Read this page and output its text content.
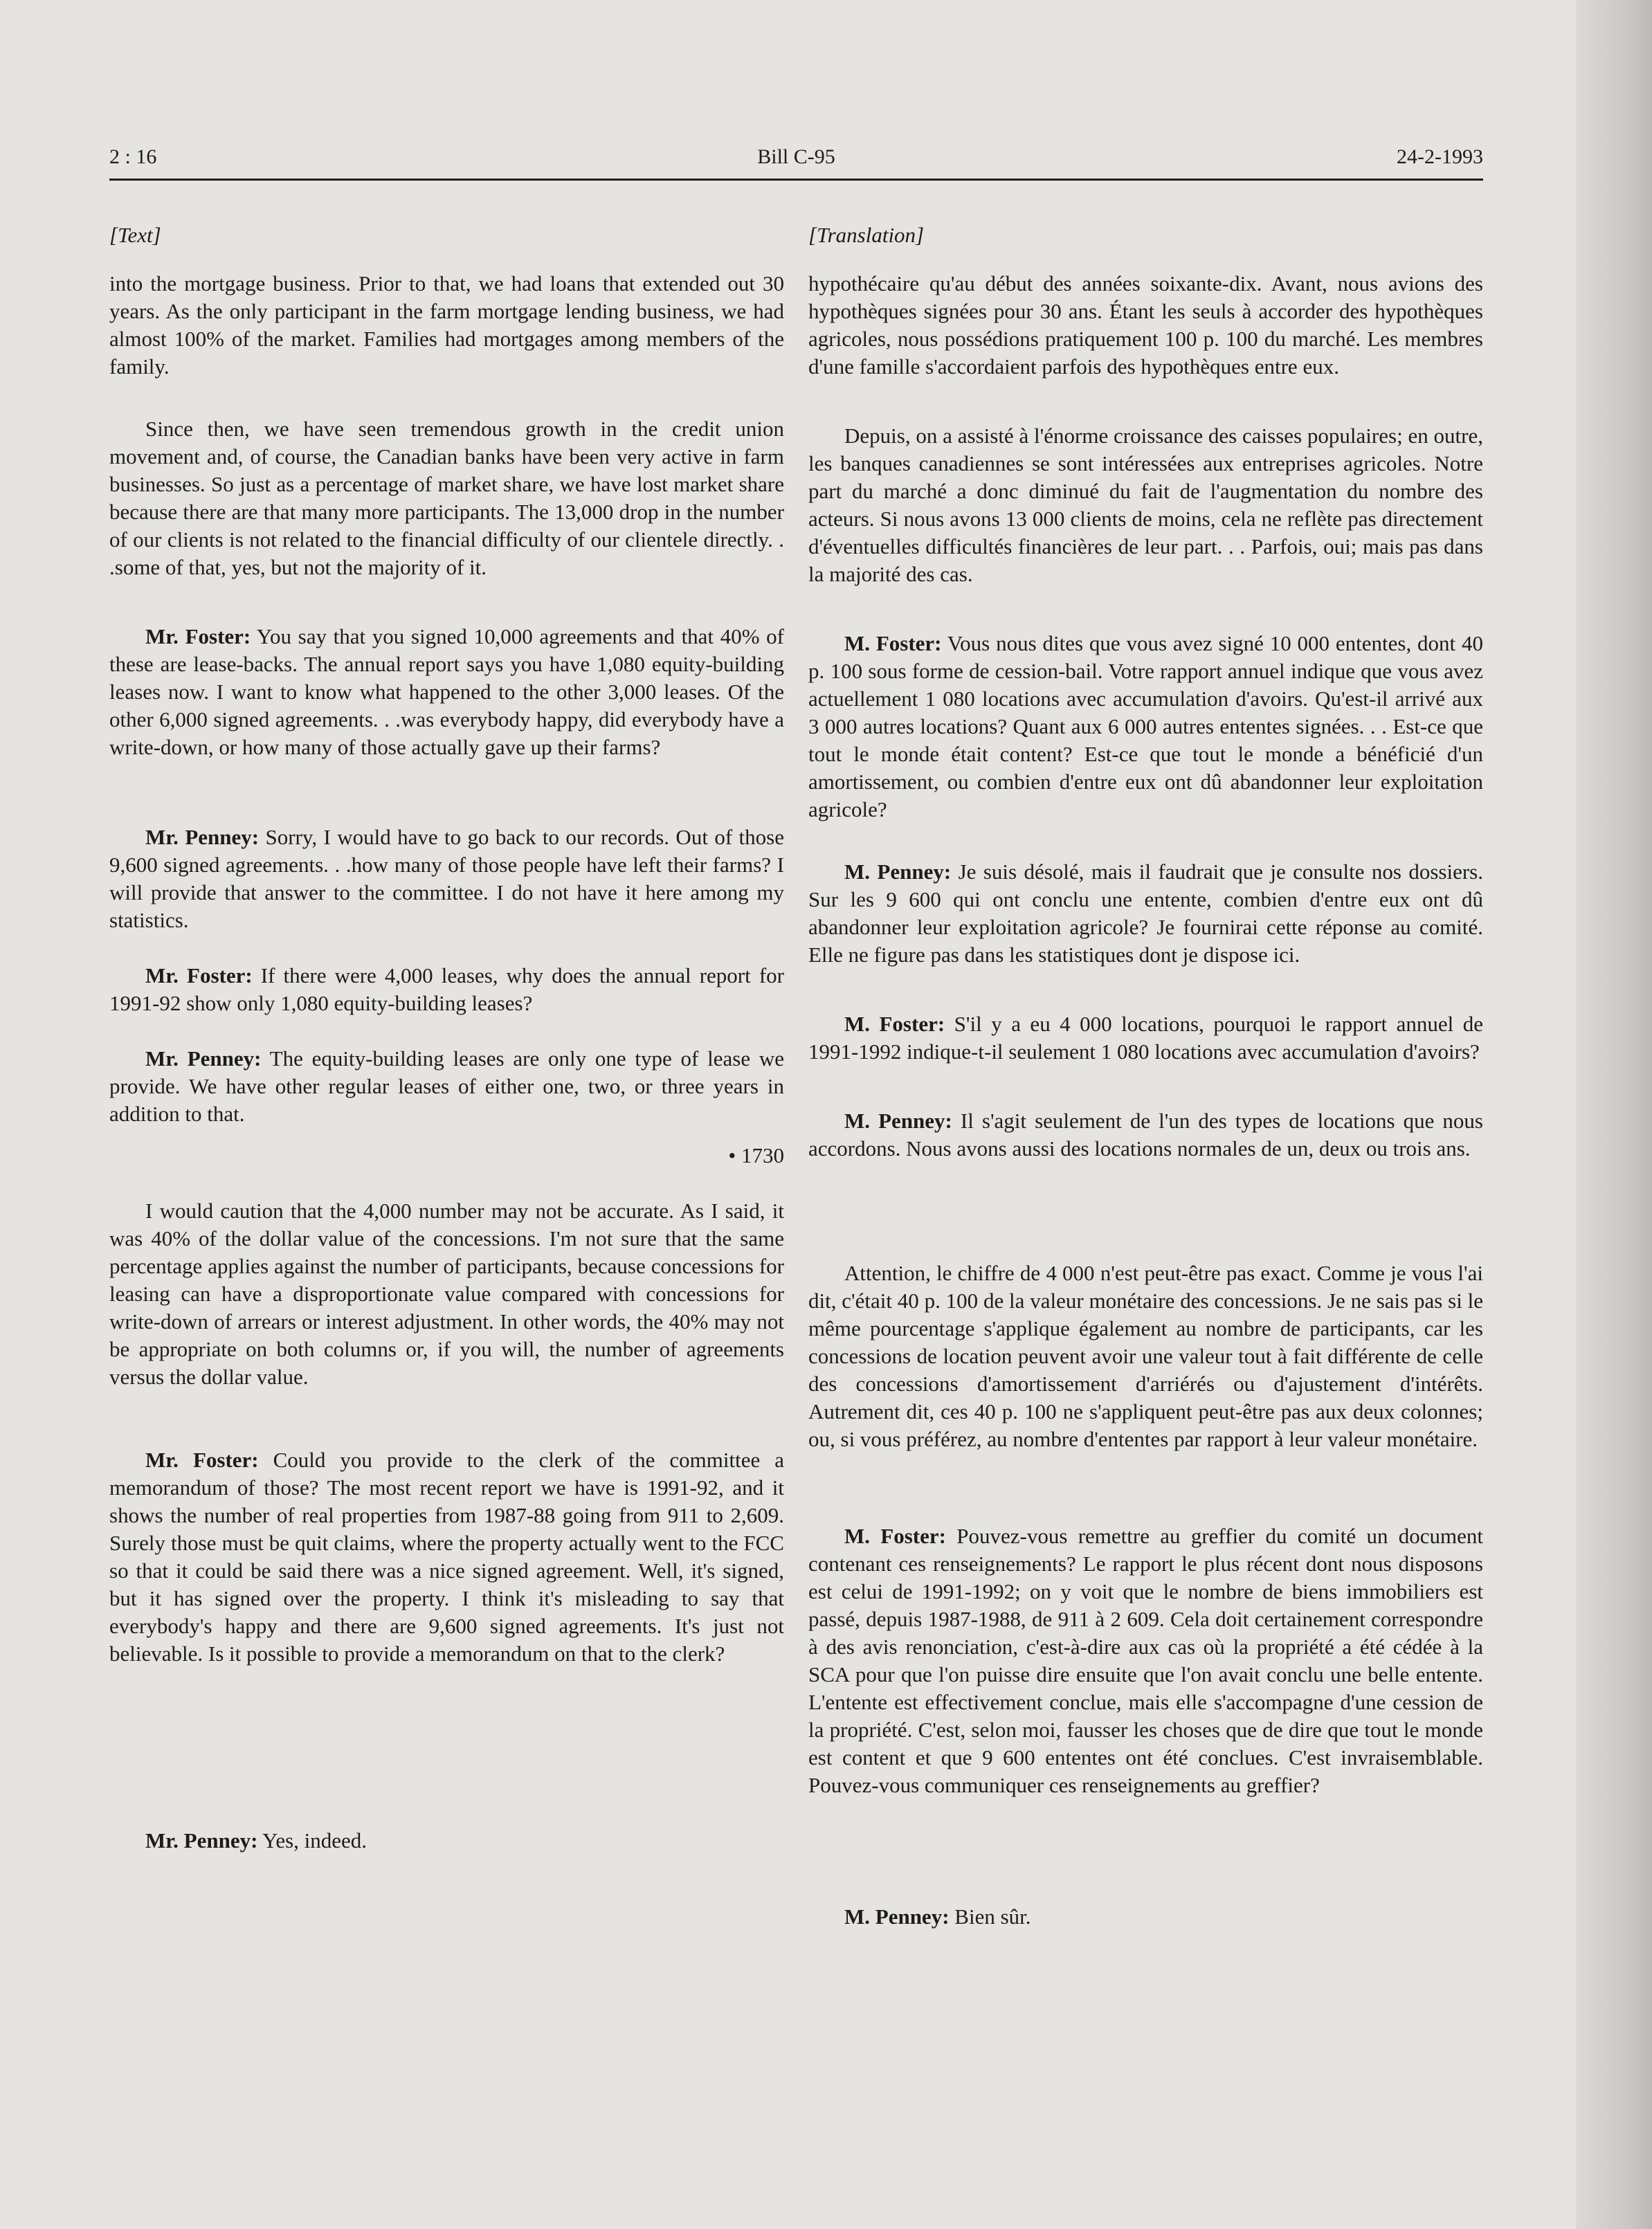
2 : 16	Bill C-95	24-2-1993
[Text]

into the mortgage business. Prior to that, we had loans that extended out 30 years. As the only participant in the farm mortgage lending business, we had almost 100% of the market. Families had mortgages among members of the family.

Since then, we have seen tremendous growth in the credit union movement and, of course, the Canadian banks have been very active in farm businesses. So just as a percentage of market share, we have lost market share because there are that many more participants. The 13,000 drop in the number of our clients is not related to the financial difficulty of our clientele directly. . .some of that, yes, but not the majority of it.

Mr. Foster: You say that you signed 10,000 agreements and that 40% of these are lease-backs. The annual report says you have 1,080 equity-building leases now. I want to know what happened to the other 3,000 leases. Of the other 6,000 signed agreements. . .was everybody happy, did everybody have a write-down, or how many of those actually gave up their farms?

Mr. Penney: Sorry, I would have to go back to our records. Out of those 9,600 signed agreements. . .how many of those people have left their farms? I will provide that answer to the committee. I do not have it here among my statistics.

Mr. Foster: If there were 4,000 leases, why does the annual report for 1991-92 show only 1,080 equity-building leases?

Mr. Penney: The equity-building leases are only one type of lease we provide. We have other regular leases of either one, two, or three years in addition to that.

• 1730

I would caution that the 4,000 number may not be accurate. As I said, it was 40% of the dollar value of the concessions. I'm not sure that the same percentage applies against the number of participants, because concessions for leasing can have a disproportionate value compared with concessions for write-down of arrears or interest adjustment. In other words, the 40% may not be appropriate on both columns or, if you will, the number of agreements versus the dollar value.

Mr. Foster: Could you provide to the clerk of the committee a memorandum of those? The most recent report we have is 1991-92, and it shows the number of real properties from 1987-88 going from 911 to 2,609. Surely those must be quit claims, where the property actually went to the FCC so that it could be said there was a nice signed agreement. Well, it's signed, but it has signed over the property. I think it's misleading to say that everybody's happy and there are 9,600 signed agreements. It's just not believable. Is it possible to provide a memorandum on that to the clerk?

Mr. Penney: Yes, indeed.

[Translation]

hypothécaire qu'au début des années soixante-dix. Avant, nous avions des hypothèques signées pour 30 ans. Étant les seuls à accorder des hypothèques agricoles, nous possédions pratiquement 100 p. 100 du marché. Les membres d'une famille s'accordaient parfois des hypothèques entre eux.

Depuis, on a assisté à l'énorme croissance des caisses populaires; en outre, les banques canadiennes se sont intéressées aux entreprises agricoles. Notre part du marché a donc diminué du fait de l'augmentation du nombre des acteurs. Si nous avons 13 000 clients de moins, cela ne reflète pas directement d'éventuelles difficultés financières de leur part. . . Parfois, oui; mais pas dans la majorité des cas.

M. Foster: Vous nous dites que vous avez signé 10 000 ententes, dont 40 p. 100 sous forme de cession-bail. Votre rapport annuel indique que vous avez actuellement 1 080 locations avec accumulation d'avoirs. Qu'est-il arrivé aux 3 000 autres locations? Quant aux 6 000 autres ententes signées. . . Est-ce que tout le monde était content? Est-ce que tout le monde a bénéficié d'un amortissement, ou combien d'entre eux ont dû abandonner leur exploitation agricole?

M. Penney: Je suis désolé, mais il faudrait que je consulte nos dossiers. Sur les 9 600 qui ont conclu une entente, combien d'entre eux ont dû abandonner leur exploitation agricole? Je fournirai cette réponse au comité. Elle ne figure pas dans les statistiques dont je dispose ici.

M. Foster: S'il y a eu 4 000 locations, pourquoi le rapport annuel de 1991-1992 indique-t-il seulement 1 080 locations avec accumulation d'avoirs?

M. Penney: Il s'agit seulement de l'un des types de locations que nous accordons. Nous avons aussi des locations normales de un, deux ou trois ans.

Attention, le chiffre de 4 000 n'est peut-être pas exact. Comme je vous l'ai dit, c'était 40 p. 100 de la valeur monétaire des concessions. Je ne sais pas si le même pourcentage s'applique également au nombre de participants, car les concessions de location peuvent avoir une valeur tout à fait différente de celle des concessions d'amortissement d'arriérés ou d'ajustement d'intérêts. Autrement dit, ces 40 p. 100 ne s'appliquent peut-être pas aux deux colonnes; ou, si vous préférez, au nombre d'ententes par rapport à leur valeur monétaire.

M. Foster: Pouvez-vous remettre au greffier du comité un document contenant ces renseignements? Le rapport le plus récent dont nous disposons est celui de 1991-1992; on y voit que le nombre de biens immobiliers est passé, depuis 1987-1988, de 911 à 2 609. Cela doit certainement correspondre à des avis renonciation, c'est-à-dire aux cas où la propriété a été cédée à la SCA pour que l'on puisse dire ensuite que l'on avait conclu une belle entente. L'entente est effectivement conclue, mais elle s'accompagne d'une cession de la propriété. C'est, selon moi, fausser les choses que de dire que tout le monde est content et que 9 600 ententes ont été conclues. C'est invraisemblable. Pouvez-vous communiquer ces renseignements au greffier?

M. Penney: Bien sûr.
